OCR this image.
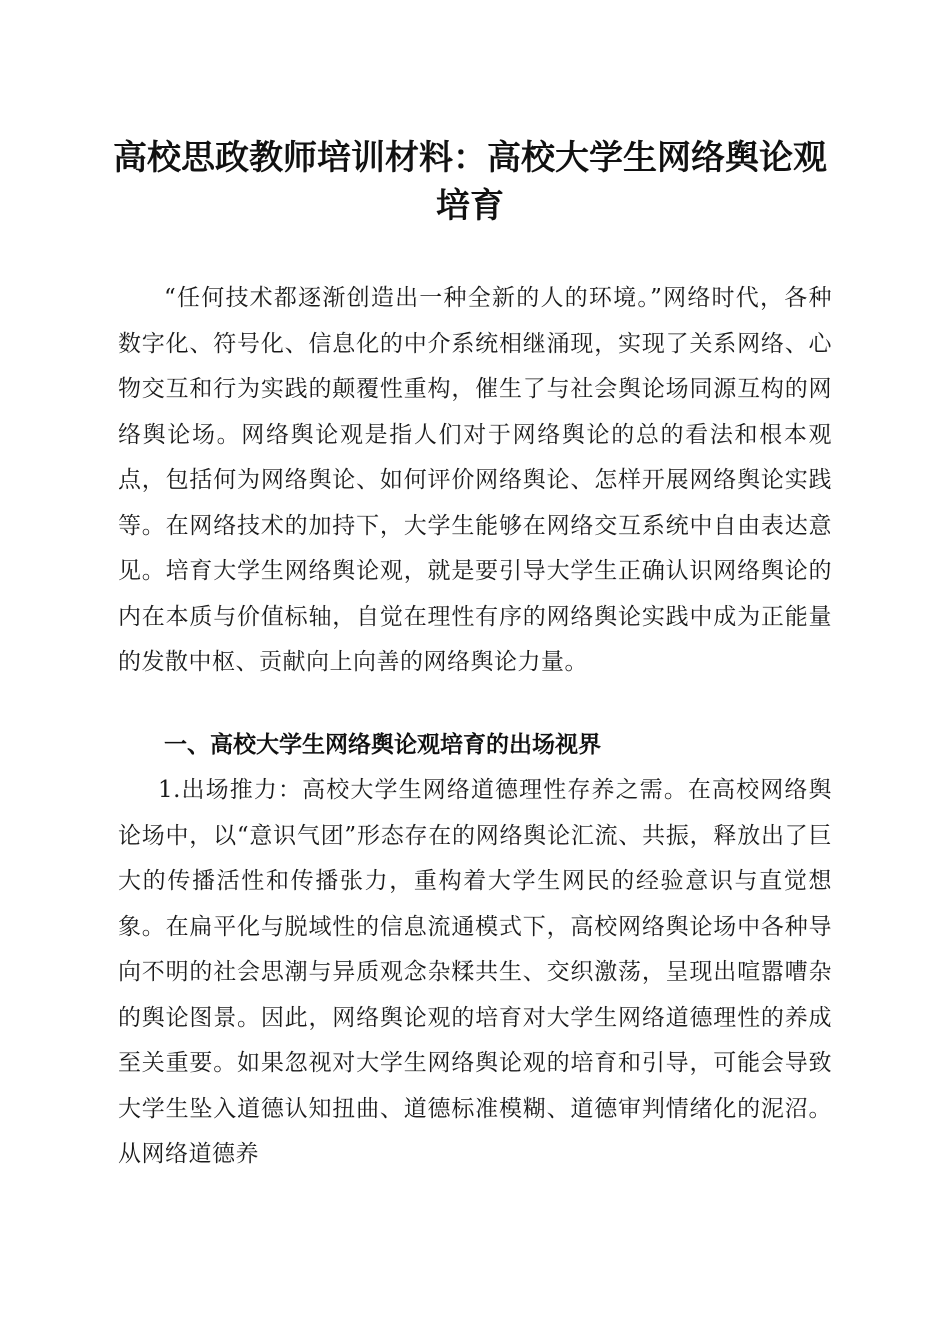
高校思政教师培训材料：高校大学生网络舆论观培育

“任何技术都逐渐创造出一种全新的人的环境。”网络时代，各种数字化、符号化、信息化的中介系统相继涌现，实现了关系网络、心物交互和行为实践的颠覆性重构，催生了与社会舆论场同源互构的网络舆论场。网络舆论观是指人们对于网络舆论的总的看法和根本观点，包括何为网络舆论、如何评价网络舆论、怎样开展网络舆论实践等。在网络技术的加持下，大学生能够在网络交互系统中自由表达意见。培育大学生网络舆论观，就是要引导大学生正确认识网络舆论的内在本质与价值标轴，自觉在理性有序的网络舆论实践中成为正能量的发散中枢、贡献向上向善的网络舆论力量。

一、高校大学生网络舆论观培育的出场视界

1.出场推力：高校大学生网络道德理性存养之需。在高校网络舆论场中，以“意识气团”形态存在的网络舆论汇流、共振，释放出了巨大的传播活性和传播张力，重构着大学生网民的经验意识与直觉想象。在扁平化与脱域性的信息流通模式下，高校网络舆论场中各种导向不明的社会思潮与异质观念杂糅共生、交织激荡，呈现出喧嚣嘈杂的舆论图景。因此，网络舆论观的培育对大学生网络道德理性的养成至关重要。如果忽视对大学生网络舆论观的培育和引导，可能会导致大学生坠入道德认知扭曲、道德标准模糊、道德审判情绪化的泥沼。从网络道德养
